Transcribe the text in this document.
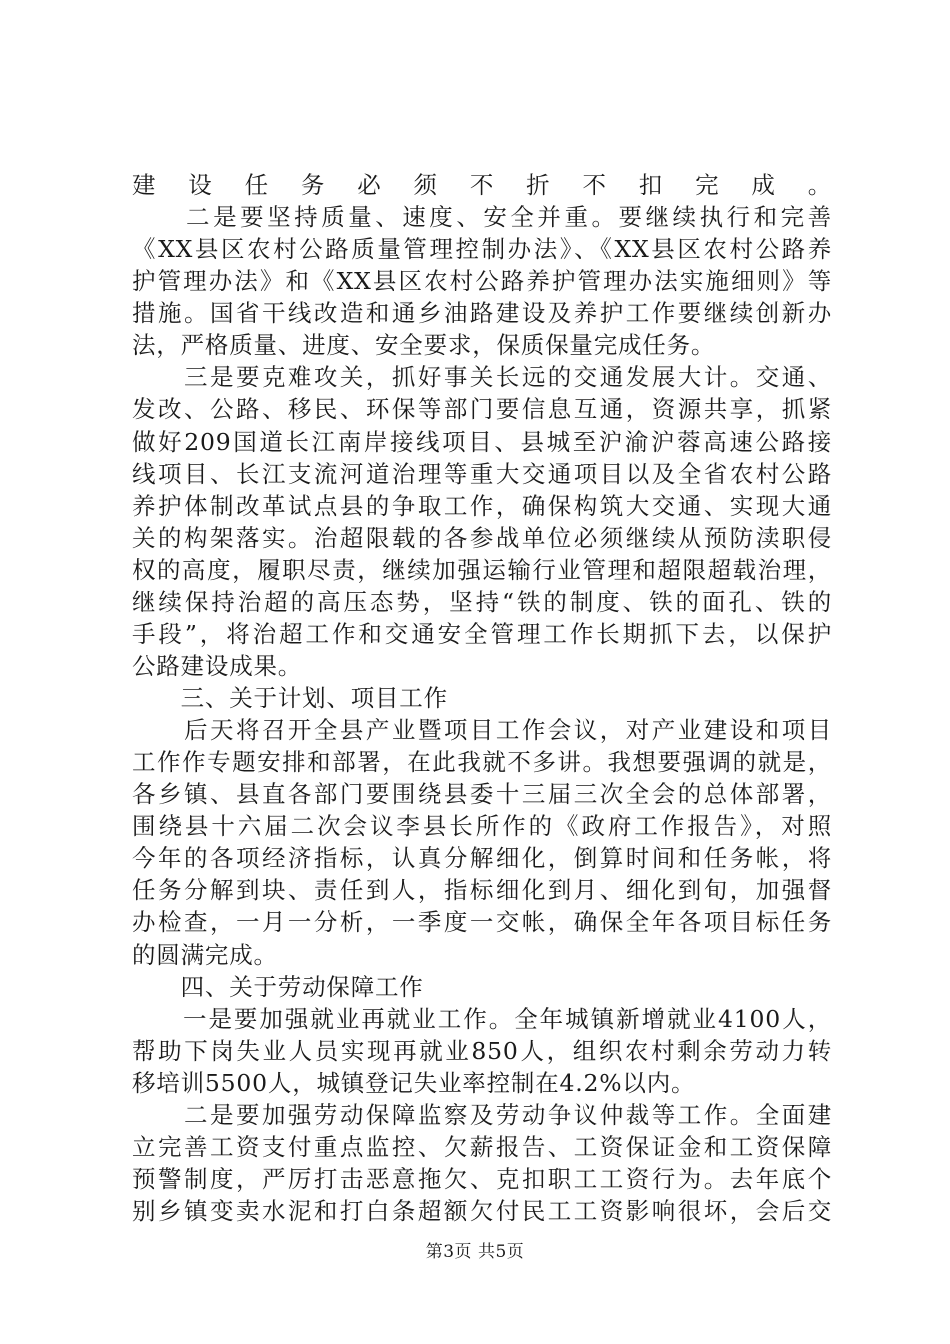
建设任务必须不折不扣完成。
　　二是要坚持质量、速度、安全并重。要继续执行和完善
《XX县区农村公路质量管理控制办法》、《XX县区农村公路养
护管理办法》和《XX县区农村公路养护管理办法实施细则》等
措施。国省干线改造和通乡油路建设及养护工作要继续创新办
法，严格质量、进度、安全要求，保质保量完成任务。
　　三是要克难攻关，抓好事关长远的交通发展大计。交通、
发改、公路、移民、环保等部门要信息互通，资源共享，抓紧
做好209国道长江南岸接线项目、县城至沪渝沪蓉高速公路接
线项目、长江支流河道治理等重大交通项目以及全省农村公路
养护体制改革试点县的争取工作，确保构筑大交通、实现大通
关的构架落实。治超限载的各参战单位必须继续从预防渎职侵
权的高度，履职尽责，继续加强运输行业管理和超限超载治理，
继续保持治超的高压态势，坚持“铁的制度、铁的面孔、铁的
手段”，将治超工作和交通安全管理工作长期抓下去，以保护
公路建设成果。
　　三、关于计划、项目工作
　　后天将召开全县产业暨项目工作会议，对产业建设和项目
工作作专题安排和部署，在此我就不多讲。我想要强调的就是，
各乡镇、县直各部门要围绕县委十三届三次全会的总体部署，
围绕县十六届二次会议李县长所作的《政府工作报告》，对照
今年的各项经济指标，认真分解细化，倒算时间和任务帐，将
任务分解到块、责任到人，指标细化到月、细化到旬，加强督
办检查，一月一分析，一季度一交帐，确保全年各项目标任务
的圆满完成。
　　四、关于劳动保障工作
　　一是要加强就业再就业工作。全年城镇新增就业4100人，
帮助下岗失业人员实现再就业850人，组织农村剩余劳动力转
移培训5500人，城镇登记失业率控制在4.2%以内。
　　二是要加强劳动保障监察及劳动争议仲裁等工作。全面建
立完善工资支付重点监控、欠薪报告、工资保证金和工资保障
预警制度，严厉打击恶意拖欠、克扣职工工资行为。去年底个
别乡镇变卖水泥和打白条超额欠付民工工资影响很坏，会后交
第3页 共5页
